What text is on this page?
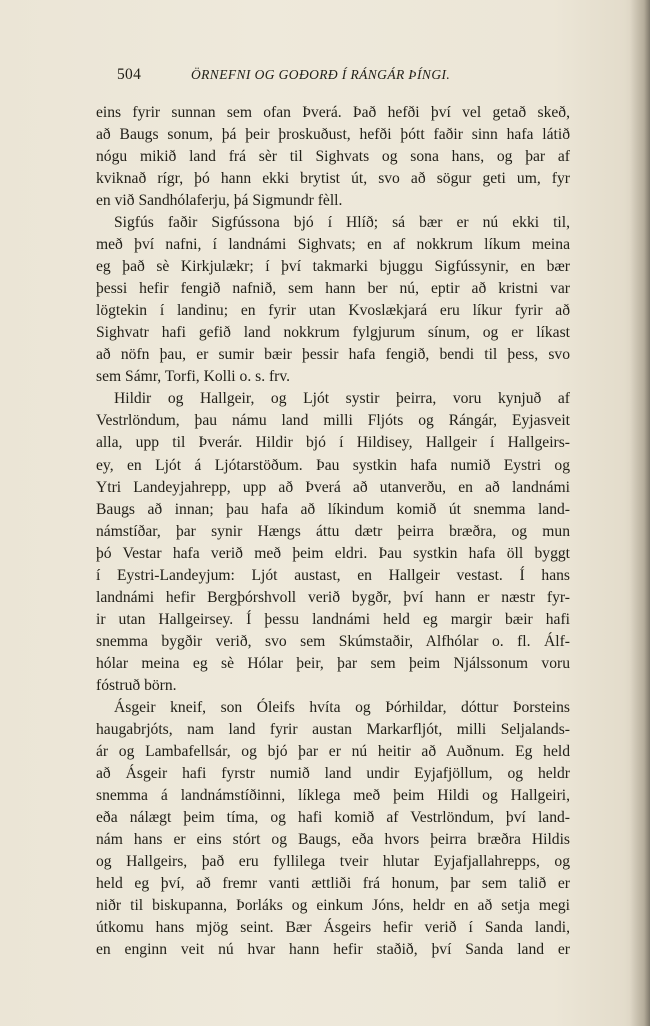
504	ÖRNEFNI OG GOÐORÐ Í RÁNGÁR ÞÍNGI.
eins fyrir sunnan sem ofan Þverá. Það hefði því vel getað skeð,
að Baugs sonum, þá þeir þroskuðust, hefði þótt faðir sinn hafa látið
nógu mikið land frá sèr til Sighvats og sona hans, og þar af
kviknað rígr, þó hann ekki brytist út, svo að sögur geti um, fyr
en við Sandhólaferju, þá Sigmundr fèll.
Sigfús faðir Sigfússona bjó í Hlíð; sá bær er nú ekki til,
með því nafni, í landnámi Sighvats; en af nokkrum líkum meina
eg það sè Kirkjulækr; í því takmarki bjuggu Sigfússynir, en bær
þessi hefir fengið nafnið, sem hann ber nú, eptir að kristni var
lögtekin í landinu; en fyrir utan Kvoslækjará eru líkur fyrir að
Sighvatr hafi gefið land nokkrum fylgjurum sínum, og er líkast
að nöfn þau, er sumir bæir þessir hafa fengið, bendi til þess, svo
sem Sámr, Torfi, Kolli o. s. frv.
Hildir og Hallgeir, og Ljót systir þeirra, voru kynjuð af
Vestrlöndum, þau námu land milli Fljóts og Rángár, Eyjasveit
alla, upp til Þverár. Hildir bjó í Hildisey, Hallgeir í Hallgeirs-
ey, en Ljót á Ljótarstöðum. Þau systkin hafa numið Eystri og
Ytri Landeyjahrepp, upp að Þverá að utanverðu, en að landnámi
Baugs að innan; þau hafa að líkindum komið út snemma land-
námstíðar, þar synir Hængs áttu dætr þeirra bræðra, og mun
þó Vestar hafa verið með þeim eldri. Þau systkin hafa öll byggt
í Eystri-Landeyjum: Ljót austast, en Hallgeir vestast. Í hans
landnámi hefir Bergþórshvoll verið bygðr, því hann er næstr fyr-
ir utan Hallgeirsey. Í þessu landnámi held eg margir bæir hafi
snemma bygðir verið, svo sem Skúmstaðir, Alfhólar o. fl. Álf-
hólar meina eg sè Hólar þeir, þar sem þeim Njálssonum voru
fóstruð börn.
Ásgeir kneif, son Óleifs hvíta og Þórhildar, dóttur Þorsteins
haugabrjóts, nam land fyrir austan Markarfljót, milli Seljalands-
ár og Lambafellsár, og bjó þar er nú heitir að Auðnum. Eg held
að Ásgeir hafi fyrstr numið land undir Eyjafjöllum, og heldr
snemma á landnámstíðinni, líklega með þeim Hildi og Hallgeiri,
eða nálægt þeim tíma, og hafi komið af Vestrlöndum, því land-
nám hans er eins stórt og Baugs, eða hvors þeirra bræðra Hildis
og Hallgeirs, það eru fyllilega tveir hlutar Eyjafjallahrepps, og
held eg því, að fremr vanti ættliði frá honum, þar sem talið er
niðr til biskupanna, Þorláks og einkum Jóns, heldr en að setja megi
útkomu hans mjög seint. Bær Ásgeirs hefir verið í Sanda landi,
en enginn veit nú hvar hann hefir staðið, því Sanda land er
